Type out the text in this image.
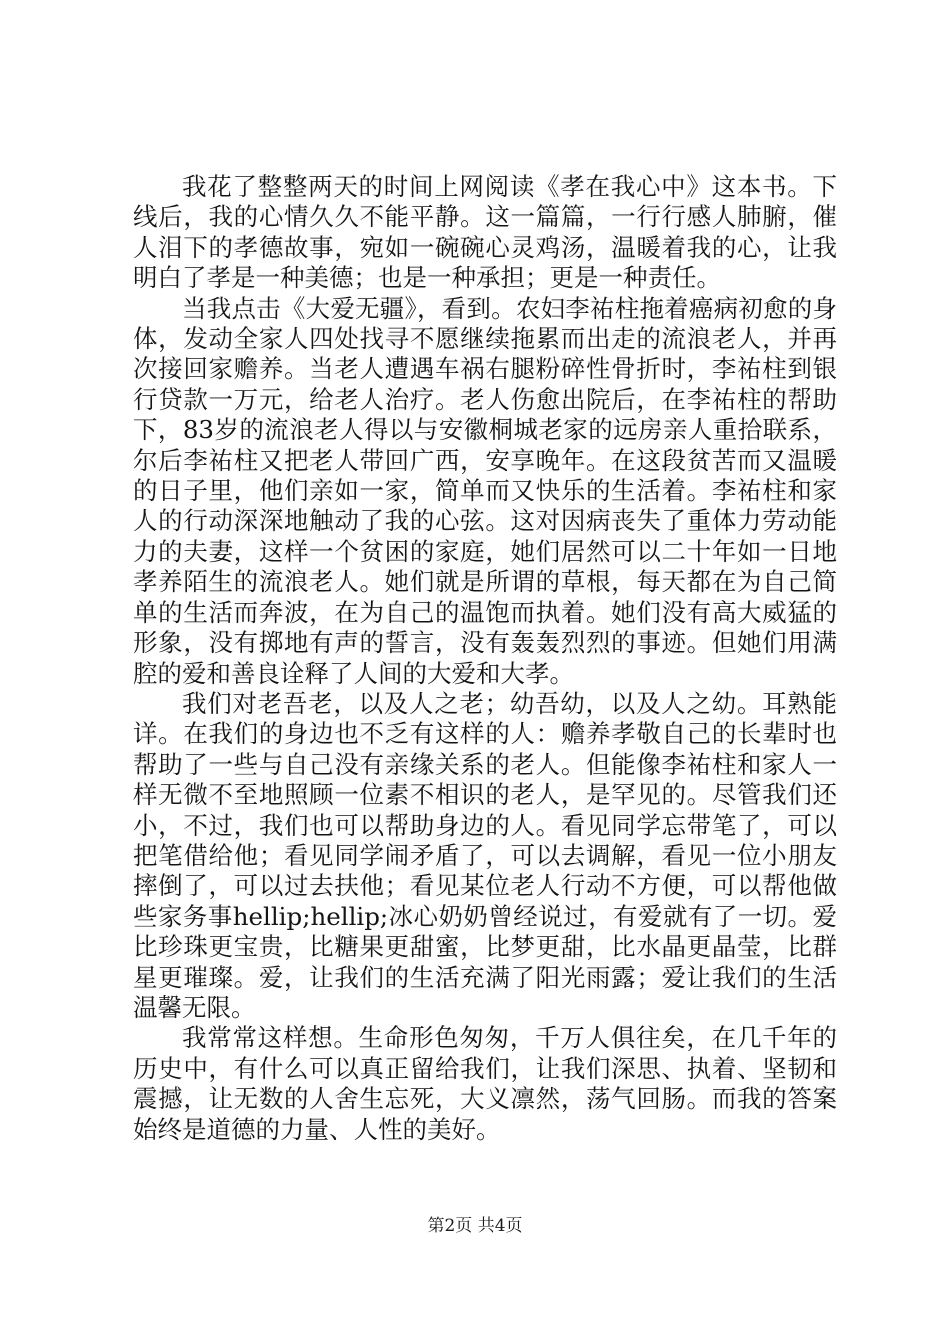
我花了整整两天的时间上网阅读《孝在我心中》这本书。下线后，我的心情久久不能平静。这一篇篇，一行行感人肺腑，催人泪下的孝德故事，宛如一碗碗心灵鸡汤，温暖着我的心，让我明白了孝是一种美德；也是一种承担；更是一种责任。

当我点击《大爱无疆》，看到。农妇李祐柱拖着癌病初愈的身体，发动全家人四处找寻不愿继续拖累而出走的流浪老人，并再次接回家赡养。当老人遭遇车祸右腿粉碎性骨折时，李祐柱到银行贷款一万元，给老人治疗。老人伤愈出院后，在李祐柱的帮助下，83岁的流浪老人得以与安徽桐城老家的远房亲人重拾联系，尔后李祐柱又把老人带回广西，安享晚年。在这段贫苦而又温暖的日子里，他们亲如一家，简单而又快乐的生活着。李祐柱和家人的行动深深地触动了我的心弦。这对因病丧失了重体力劳动能力的夫妻，这样一个贫困的家庭，她们居然可以二十年如一日地孝养陌生的流浪老人。她们就是所谓的草根，每天都在为自己简单的生活而奔波，在为自己的温饱而执着。她们没有高大威猛的形象，没有掷地有声的誓言，没有轰轰烈烈的事迹。但她们用满腔的爱和善良诠释了人间的大爱和大孝。

我们对老吾老，以及人之老；幼吾幼，以及人之幼。耳熟能详。在我们的身边也不乏有这样的人：赡养孝敬自己的长辈时也帮助了一些与自己没有亲缘关系的老人。但能像李祐柱和家人一样无微不至地照顾一位素不相识的老人，是罕见的。尽管我们还小，不过，我们也可以帮助身边的人。看见同学忘带笔了，可以把笔借给他；看见同学闹矛盾了，可以去调解，看见一位小朋友摔倒了，可以过去扶他；看见某位老人行动不方便，可以帮他做些家务事hellip;hellip;冰心奶奶曾经说过，有爱就有了一切。爱比珍珠更宝贵，比糖果更甜蜜，比梦更甜，比水晶更晶莹，比群星更璀璨。爱，让我们的生活充满了阳光雨露；爱让我们的生活温馨无限。

我常常这样想。生命形色匆匆，千万人俱往矣，在几千年的历史中，有什么可以真正留给我们，让我们深思、执着、坚韧和震撼，让无数的人舍生忘死，大义凛然，荡气回肠。而我的答案始终是道德的力量、人性的美好。

第2页 共4页
